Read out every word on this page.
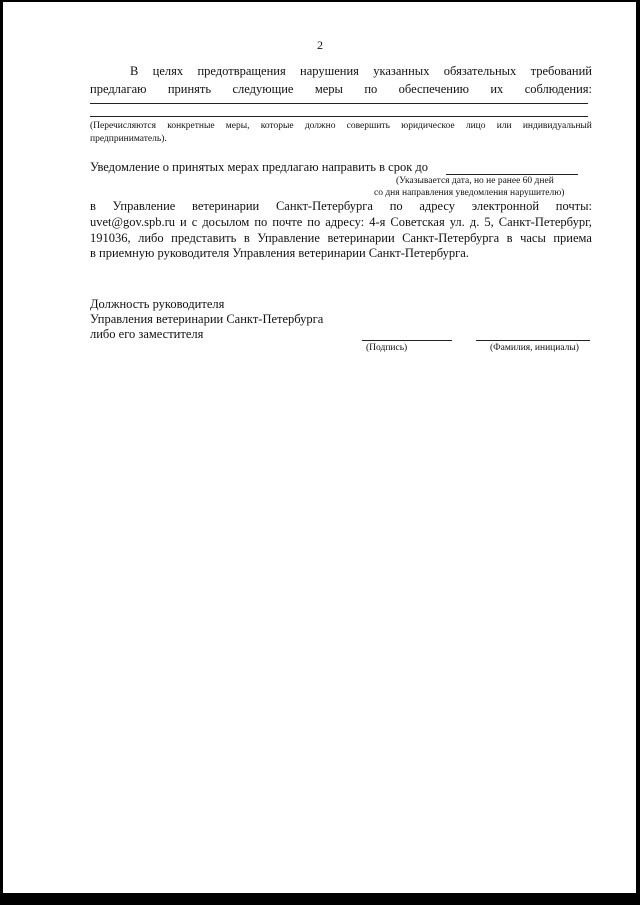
2
В целях предотвращения нарушения указанных обязательных требований
предлагаю принять следующие меры по обеспечению их соблюдения:
(Перечисляются конкретные меры, которые должно совершить юридическое лицо или индивидуальный
предприниматель).
Уведомление о принятых мерах предлагаю направить в срок до
(Указывается дата, но не ранее 60 дней
со дня направления уведомления нарушителю)
в Управление ветеринарии Санкт-Петербурга по адресу электронной почты:
uvet@gov.spb.ru и с досылом по почте по адресу: 4-я Советская ул. д. 5, Санкт-Петербург,
191036, либо представить в Управление ветеринарии Санкт-Петербурга в часы приема
в приемную руководителя Управления ветеринарии Санкт-Петербурга.
Должность руководителя
Управления ветеринарии Санкт-Петербурга
либо его заместителя
(Подпись)	(Фамилия, инициалы)
